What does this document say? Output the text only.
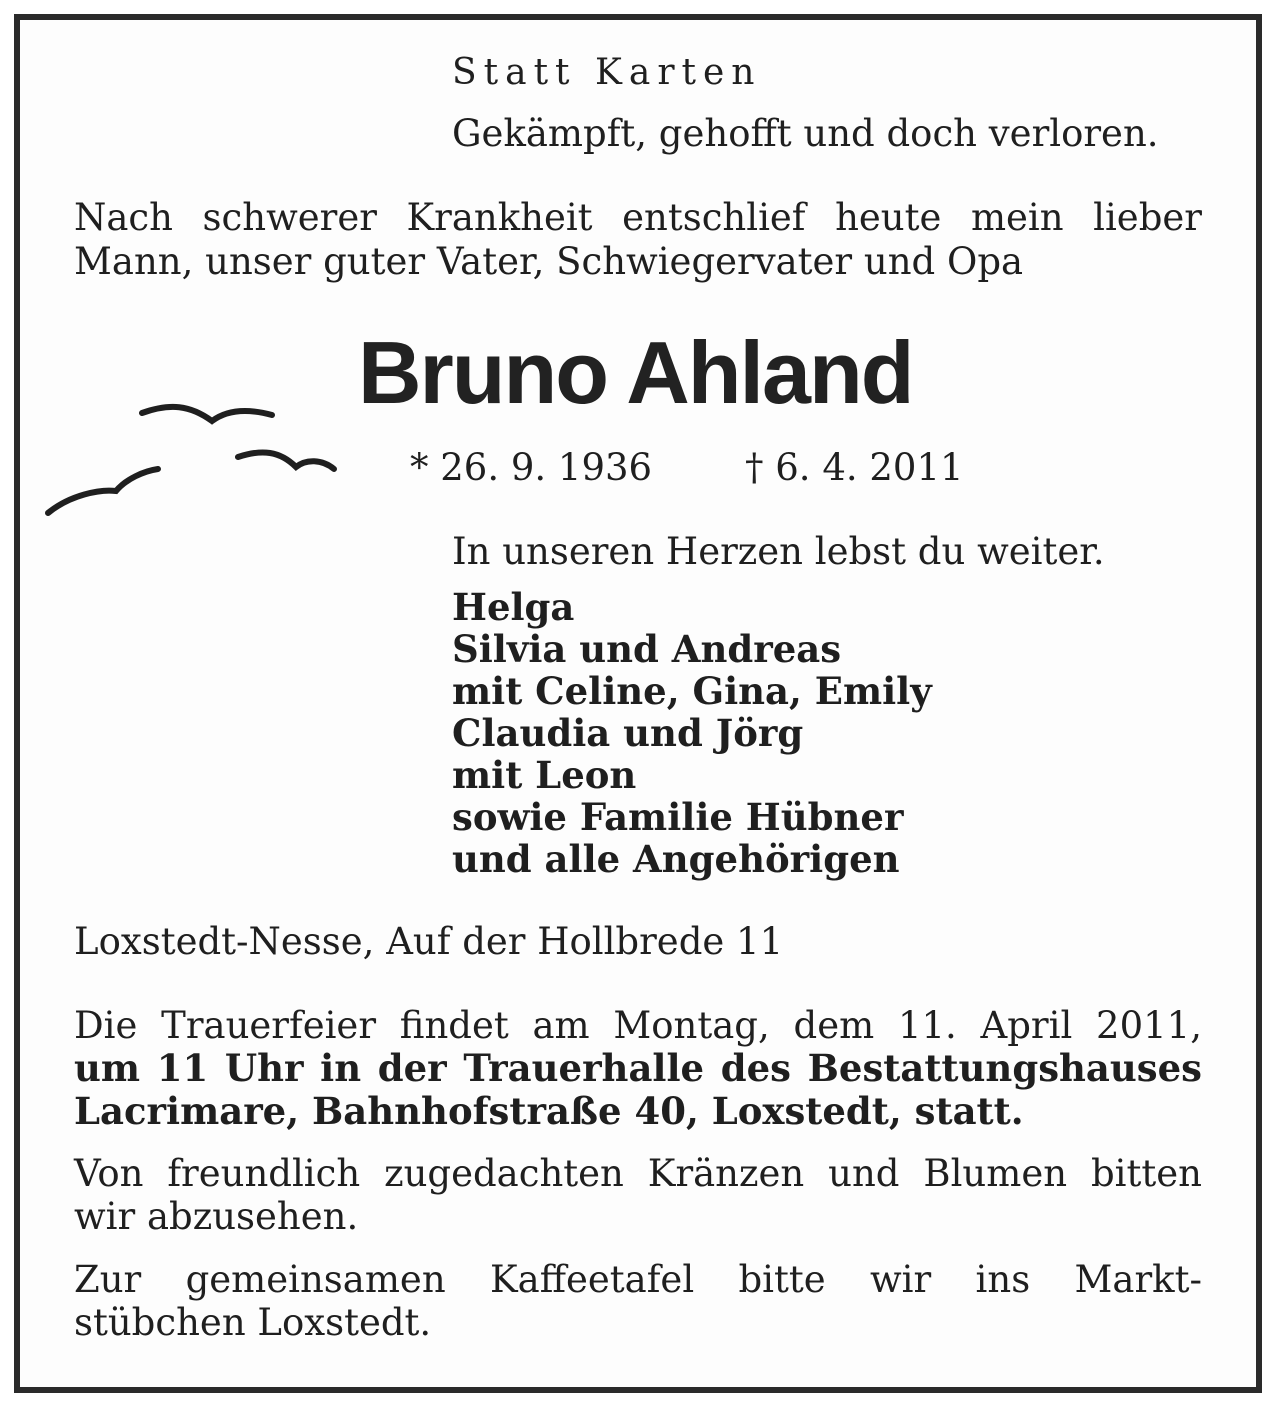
Statt Karten

Gekämpft, gehofft und doch verloren.

Nach schwerer Krankheit entschlief heute mein lieber
Mann, unser guter Vater, Schwiegervater und Opa

Bruno Ahland

* 26. 9. 1936	† 6. 4. 2011

In unseren Herzen lebst du weiter.

Helga
Silvia und Andreas
mit Celine, Gina, Emily
Claudia und Jörg
mit Leon
sowie Familie Hübner
und alle Angehörigen

Loxstedt-Nesse, Auf der Hollbrede 11

Die Trauerfeier findet am Montag, dem 11. April 2011,
um 11 Uhr in der Trauerhalle des Bestattungshauses
Lacrimare, Bahnhofstraße 40, Loxstedt, statt.
Von freundlich zugedachten Kränzen und Blumen bitten
wir abzusehen.
Zur gemeinsamen Kaffeetafel bitte wir ins Markt-
stübchen Loxstedt.
